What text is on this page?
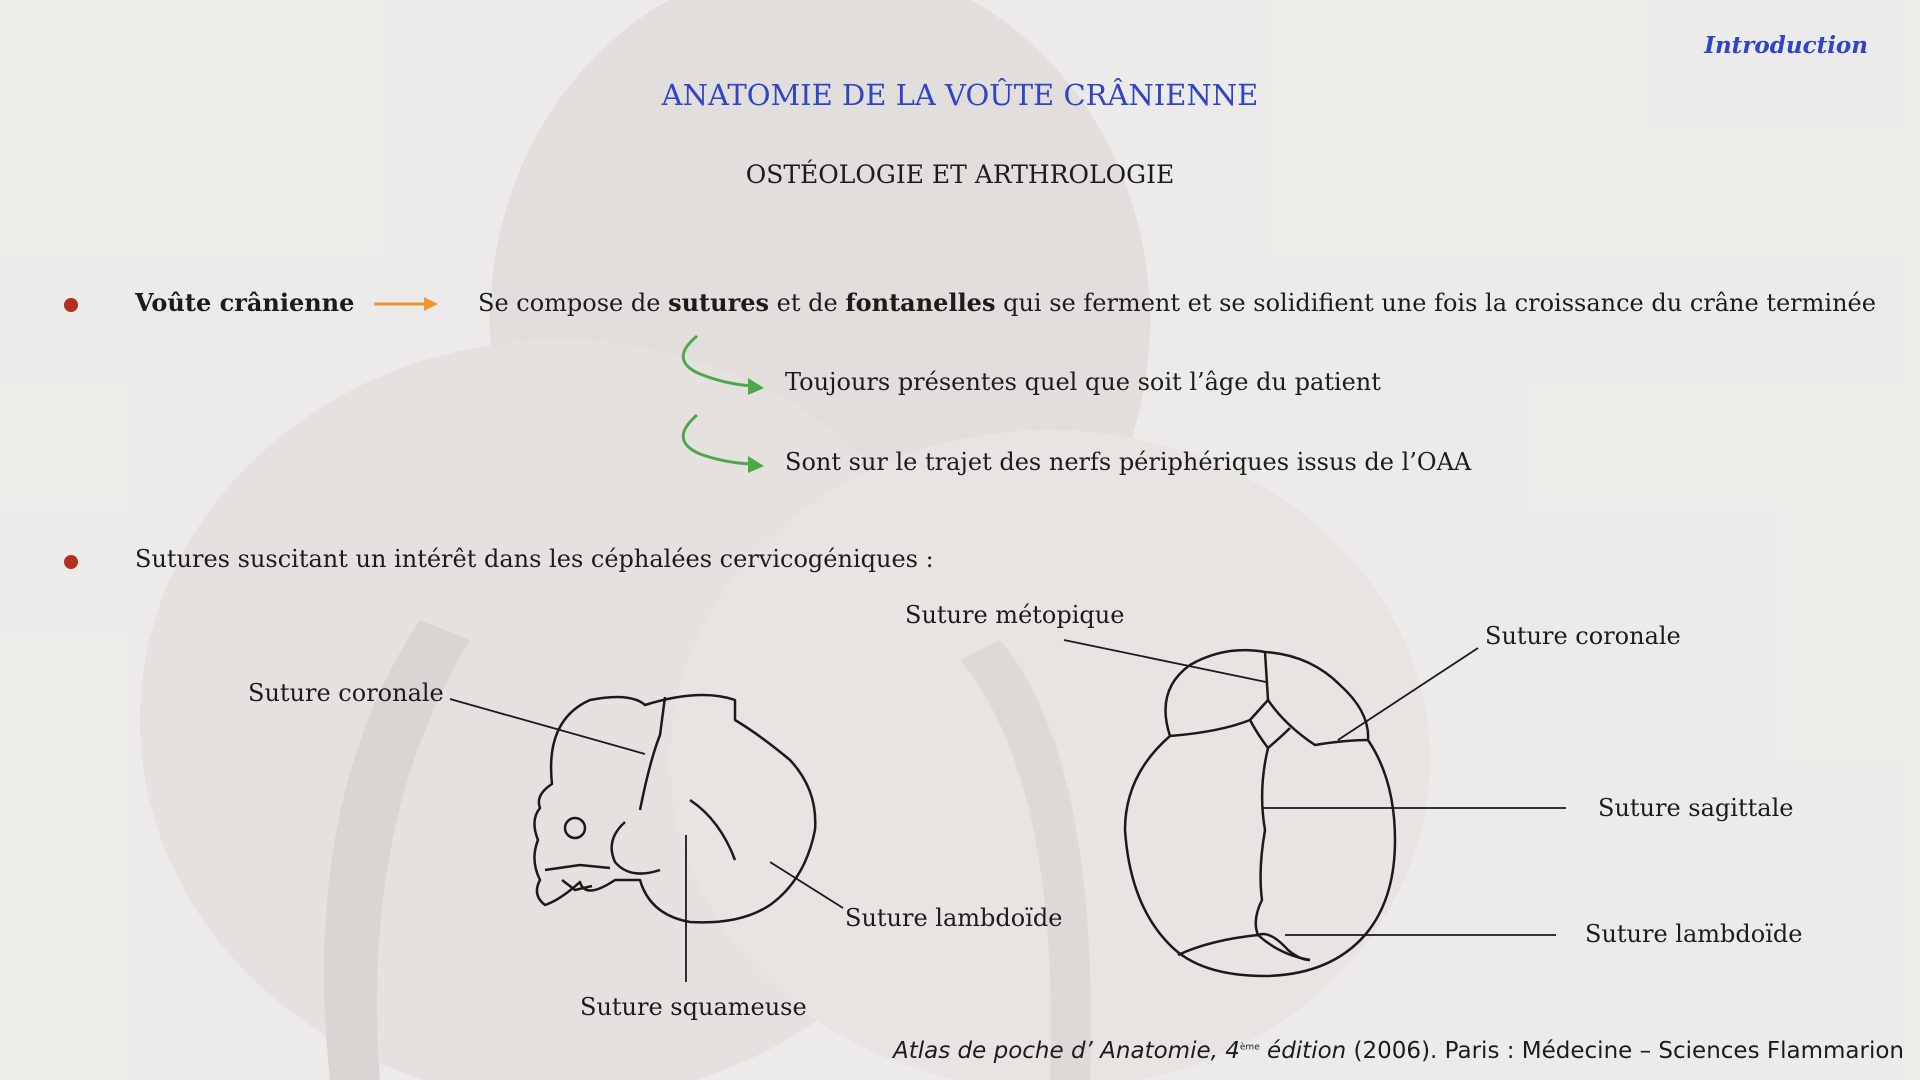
Introduction
ANATOMIE DE LA VOÛTE CRÂNIENNE
OSTÉOLOGIE ET ARTHROLOGIE
Voûte crânienne	Se compose de sutures et de fontanelles qui se ferment et se solidifient une fois la croissance du crâne terminée
Toujours présentes quel que soit l’âge du patient
Sont sur le trajet des nerfs périphériques issus de l’OAA
Sutures suscitant un intérêt dans les céphalées cervicogéniques :
Suture coronale
Suture lambdoïde
Suture squameuse
Suture métopique
Suture coronale
Suture sagittale
Suture lambdoïde
Atlas de poche d’ Anatomie, 4ème édition (2006). Paris : Médecine – Sciences Flammarion
